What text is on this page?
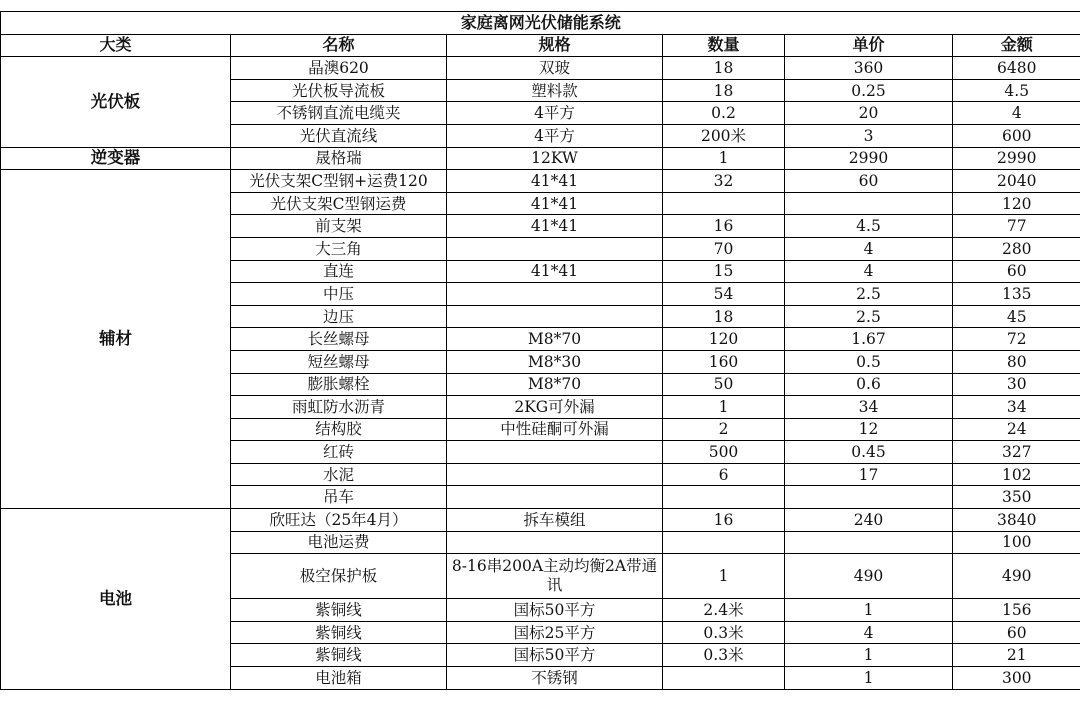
家庭离网光伏储能系统					
大类	名称	规格	数量	单价	金额
光伏板	晶澳620	双玻	18	360	6480
	光伏板导流板	塑料款	18	0.25	4.5
	不锈钢直流电缆夹	4平方	0.2	20	4
	光伏直流线	4平方	200米	3	600
逆变器	晟格瑞	12KW	1	2990	2990
辅材	光伏支架C型钢+运费120	41*41	32	60	2040
	光伏支架C型钢运费	41*41			120
	前支架	41*41	16	4.5	77
	大三角		70	4	280
	直连	41*41	15	4	60
	中压		54	2.5	135
	边压		18	2.5	45
	长丝螺母	M8*70	120	1.67	72
	短丝螺母	M8*30	160	0.5	80
	膨胀螺栓	M8*70	50	0.6	30
	雨虹防水沥青	2KG可外漏	1	34	34
	结构胶	中性硅酮可外漏	2	12	24
	红砖		500	0.45	327
	水泥		6	17	102
	吊车				350
电池	欣旺达（25年4月）	拆车模组	16	240	3840
	电池运费				100
	极空保护板	8-16串200A主动均衡2A带通讯	1	490	490
	紫铜线	国标50平方	2.4米	1	156
	紫铜线	国标25平方	0.3米	4	60
	紫铜线	国标50平方	0.3米	1	21
	电池箱	不锈钢		1	300
